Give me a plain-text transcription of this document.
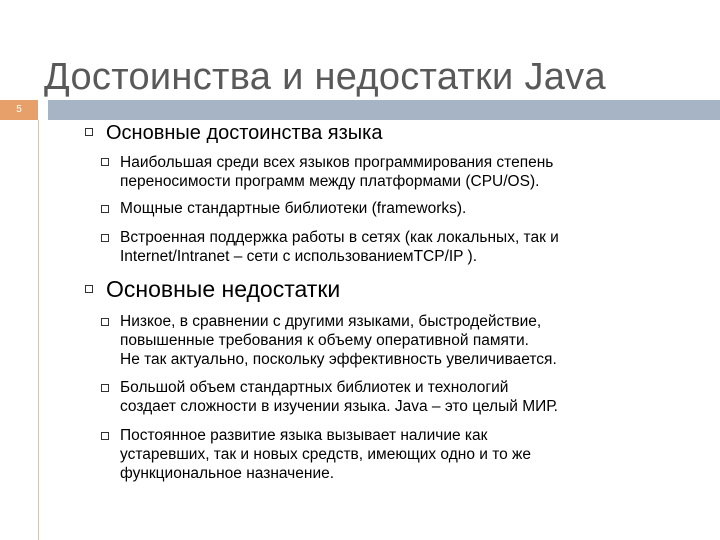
Достоинства и недостатки Java
5
Основные достоинства языка
Наибольшая среди всех языков программирования степень
переносимости программ между платформами (CPU/OS).
Мощные стандартные библиотеки (frameworks).
Встроенная поддержка работы в сетях (как локальных, так и
Internet/Intranet – сети с использованиемTCP/IP ).
Основные недостатки
Низкое, в сравнении с другими языками, быстродействие,
повышенные требования к объему оперативной памяти.
Не так актуально, поскольку эффективность увеличивается.
Большой объем стандартных библиотек и технологий
создает сложности в изучении языка. Java – это целый МИР.
Постоянное развитие языка вызывает наличие как
устаревших, так и новых средств, имеющих одно и то же
функциональное назначение.
